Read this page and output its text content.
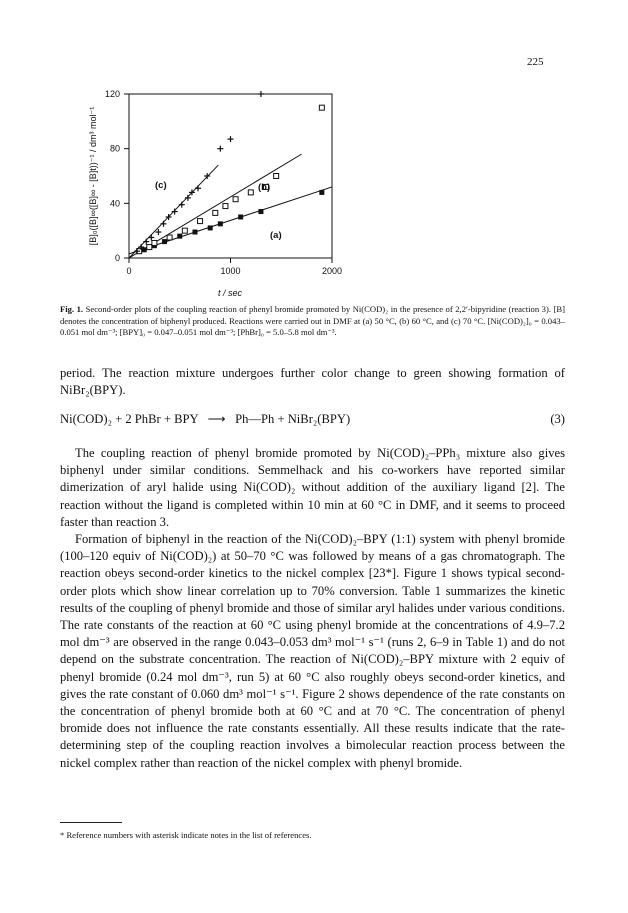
225
0	1000	2000
0
40
80
120
(a)
(b)
(c)
[B]₀([B]∞([B]∞ - [B]t))⁻¹ / dm³ mol⁻¹
t / sec
Fig. 1. Second-order plots of the coupling reaction of phenyl bromide promoted by Ni(COD)₂ in the presence of 2,2′-bipyridine (reaction 3). [B] denotes the concentration of biphenyl produced. Reactions were carried out in DMF at (a) 50 °C, (b) 60 °C, and (c) 70 °C. [Ni(COD)₂]₀ = 0.043–0.051 mol dm⁻³; [BPY]₀ = 0.047–0.051 mol dm⁻³; [PhBr]₀ = 5.0–5.8 mol dm⁻³.
period. The reaction mixture undergoes further color change to green showing formation of NiBr₂(BPY).
Ni(COD)₂ + 2 PhBr + BPY ⟶ Ph—Ph + NiBr₂(BPY)	(3)
The coupling reaction of phenyl bromide promoted by Ni(COD)₂–PPh₃ mixture also gives biphenyl under similar conditions. Semmelhack and his co-workers have reported similar dimerization of aryl halide using Ni(COD)₂ without addition of the auxiliary ligand [2]. The reaction without the ligand is completed within 10 min at 60 °C in DMF, and it seems to proceed faster than reaction 3.
Formation of biphenyl in the reaction of the Ni(COD)₂–BPY (1:1) system with phenyl bromide (100–120 equiv of Ni(COD)₂) at 50–70 °C was followed by means of a gas chromatograph. The reaction obeys second-order kinetics to the nickel complex [23*]. Figure 1 shows typical second-order plots which show linear correlation up to 70% conversion. Table 1 summarizes the kinetic results of the coupling of phenyl bromide and those of similar aryl halides under various conditions. The rate constants of the reaction at 60 °C using phenyl bromide at the concentrations of 4.9–7.2 mol dm⁻³ are observed in the range 0.043–0.053 dm³ mol⁻¹ s⁻¹ (runs 2, 6–9 in Table 1) and do not depend on the substrate concentration. The reaction of Ni(COD)₂–BPY mixture with 2 equiv of phenyl bromide (0.24 mol dm⁻³, run 5) at 60 °C also roughly obeys second-order kinetics, and gives the rate constant of 0.060 dm³ mol⁻¹ s⁻¹. Figure 2 shows dependence of the rate constants on the concentration of phenyl bromide both at 60 °C and at 70 °C. The concentration of phenyl bromide does not influence the rate constants essentially. All these results indicate that the rate-determining step of the coupling reaction involves a bimolecular reaction process between the nickel complex rather than reaction of the nickel complex with phenyl bromide.
* Reference numbers with asterisk indicate notes in the list of references.
